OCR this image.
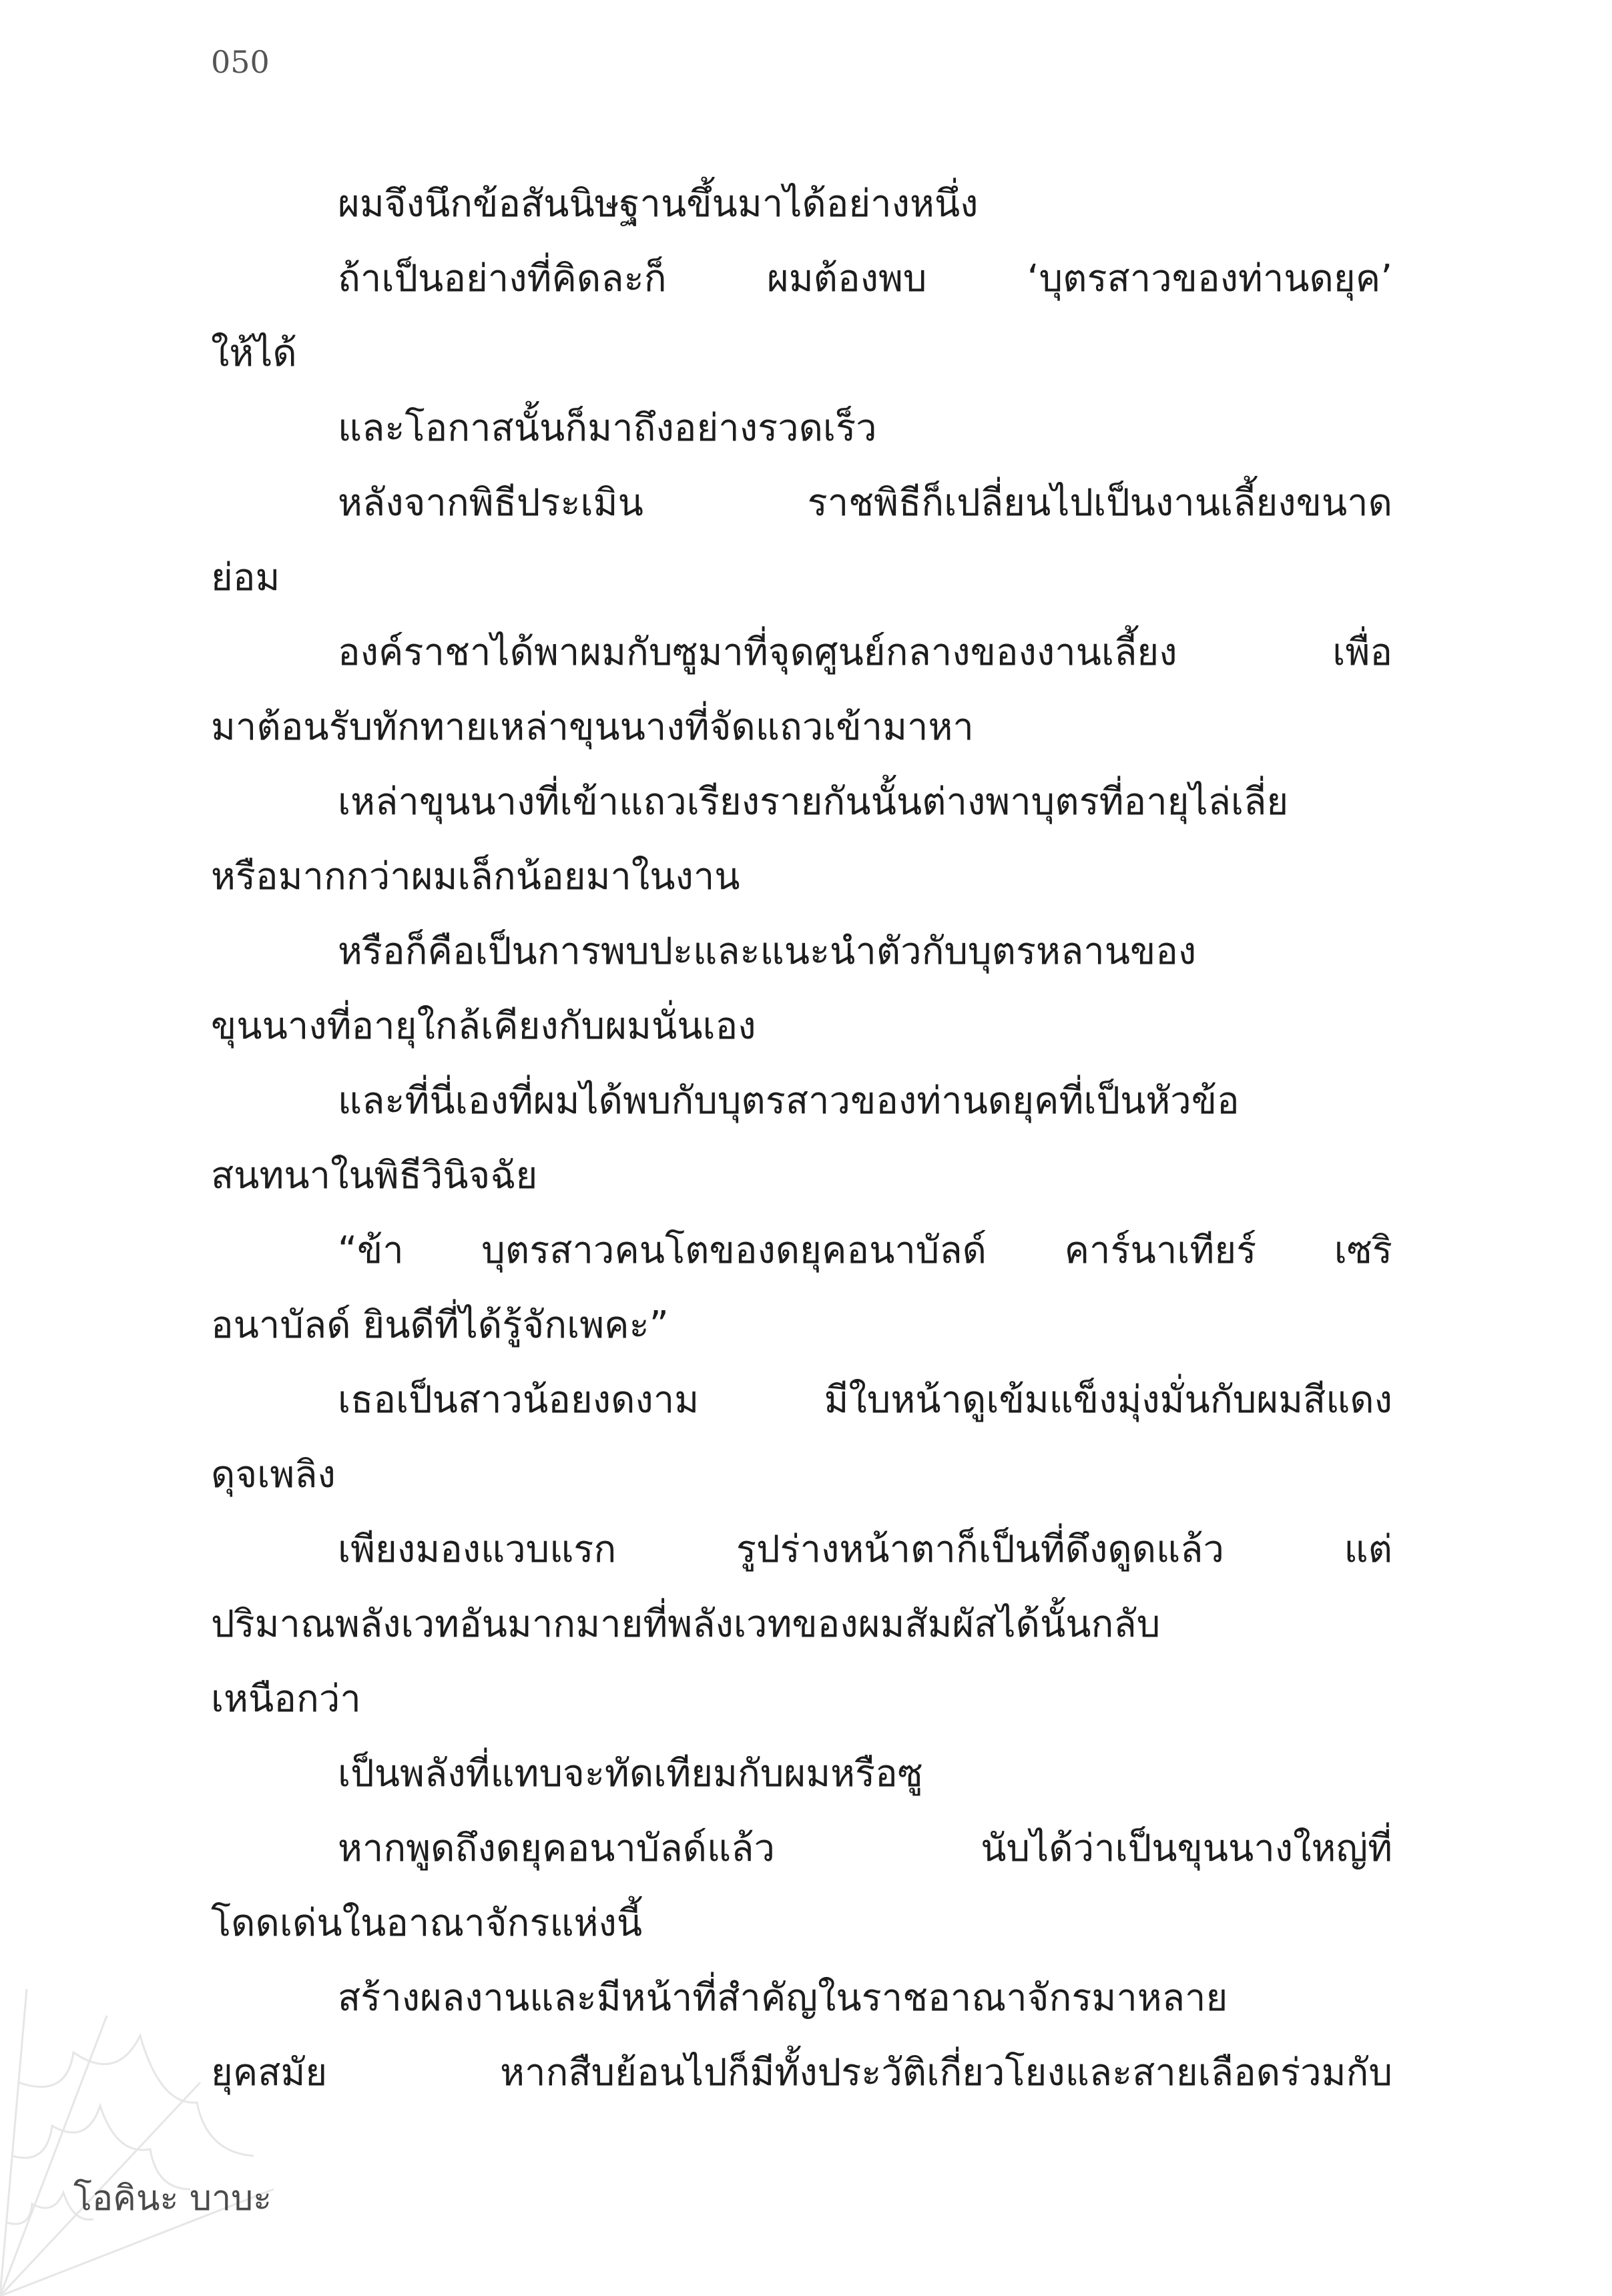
050
ผมจึงนึกข้อสันนิษฐานขึ้นมาได้อย่างหนึ่ง
ถ้าเป็นอย่างที่คิดละก็ ผมต้องพบ ‘บุตรสาวของท่านดยุค’
ให้ได้
และโอกาสนั้นก็มาถึงอย่างรวดเร็ว
หลังจากพิธีประเมิน ราชพิธีก็เปลี่ยนไปเป็นงานเลี้ยงขนาด
ย่อม
องค์ราชาได้พาผมกับซูมาที่จุดศูนย์กลางของงานเลี้ยง เพื่อ
มาต้อนรับทักทายเหล่าขุนนางที่จัดแถวเข้ามาหา
เหล่าขุนนางที่เข้าแถวเรียงรายกันนั้นต่างพาบุตรที่อายุไล่เลี่ย
หรือมากกว่าผมเล็กน้อยมาในงาน
หรือก็คือเป็นการพบปะและแนะนำตัวกับบุตรหลานของ
ขุนนางที่อายุใกล้เคียงกับผมนั่นเอง
และที่นี่เองที่ผมได้พบกับบุตรสาวของท่านดยุคที่เป็นหัวข้อ
สนทนาในพิธีวินิจฉัย
“ข้า บุตรสาวคนโตของดยุคอนาบัลด์ คาร์นาเทียร์ เซริ
อนาบัลด์ ยินดีที่ได้รู้จักเพคะ”
เธอเป็นสาวน้อยงดงาม มีใบหน้าดูเข้มแข็งมุ่งมั่นกับผมสีแดง
ดุจเพลิง
เพียงมองแวบแรก รูปร่างหน้าตาก็เป็นที่ดึงดูดแล้ว แต่
ปริมาณพลังเวทอันมากมายที่พลังเวทของผมสัมผัสได้นั้นกลับ
เหนือกว่า
เป็นพลังที่แทบจะทัดเทียมกับผมหรือซู
หากพูดถึงดยุคอนาบัลด์แล้ว นับได้ว่าเป็นขุนนางใหญ่ที่
โดดเด่นในอาณาจักรแห่งนี้
สร้างผลงานและมีหน้าที่สำคัญในราชอาณาจักรมาหลาย
ยุคสมัย หากสืบย้อนไปก็มีทั้งประวัติเกี่ยวโยงและสายเลือดร่วมกับ
โอคินะ บาบะ
